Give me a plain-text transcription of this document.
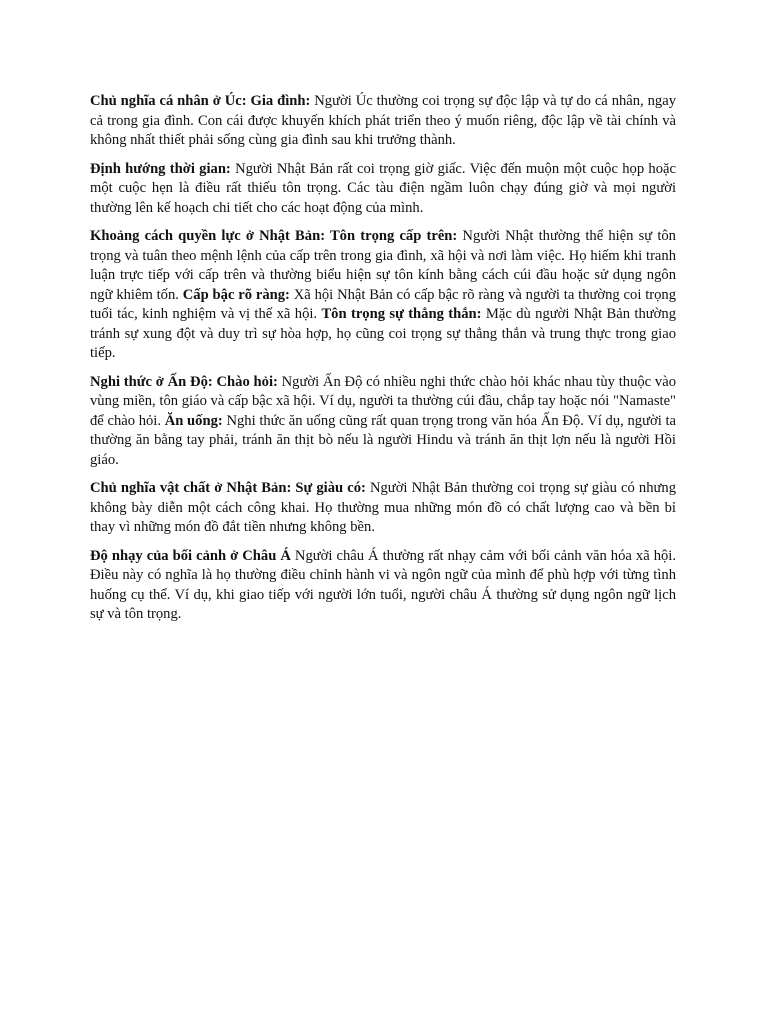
Chủ nghĩa cá nhân ở Úc: Gia đình: Người Úc thường coi trọng sự độc lập và tự do cá nhân, ngay cả trong gia đình. Con cái được khuyến khích phát triển theo ý muốn riêng, độc lập về tài chính và không nhất thiết phải sống cùng gia đình sau khi trưởng thành.

Định hướng thời gian: Người Nhật Bản rất coi trọng giờ giấc. Việc đến muộn một cuộc họp hoặc một cuộc hẹn là điều rất thiếu tôn trọng. Các tàu điện ngầm luôn chạy đúng giờ và mọi người thường lên kế hoạch chi tiết cho các hoạt động của mình.

Khoảng cách quyền lực ở Nhật Bản: Tôn trọng cấp trên: Người Nhật thường thể hiện sự tôn trọng và tuân theo mệnh lệnh của cấp trên trong gia đình, xã hội và nơi làm việc. Họ hiếm khi tranh luận trực tiếp với cấp trên và thường biểu hiện sự tôn kính bằng cách cúi đầu hoặc sử dụng ngôn ngữ khiêm tốn. Cấp bậc rõ ràng: Xã hội Nhật Bản có cấp bậc rõ ràng và người ta thường coi trọng tuổi tác, kinh nghiệm và vị thế xã hội. Tôn trọng sự thẳng thắn: Mặc dù người Nhật Bản thường tránh sự xung đột và duy trì sự hòa hợp, họ cũng coi trọng sự thẳng thắn và trung thực trong giao tiếp.

Nghi thức ở Ấn Độ: Chào hỏi: Người Ấn Độ có nhiều nghi thức chào hỏi khác nhau tùy thuộc vào vùng miền, tôn giáo và cấp bậc xã hội. Ví dụ, người ta thường cúi đầu, chắp tay hoặc nói "Namaste" để chào hỏi. Ăn uống: Nghi thức ăn uống cũng rất quan trọng trong văn hóa Ấn Độ. Ví dụ, người ta thường ăn bằng tay phải, tránh ăn thịt bò nếu là người Hindu và tránh ăn thịt lợn nếu là người Hồi giáo.

Chủ nghĩa vật chất ở Nhật Bản: Sự giàu có: Người Nhật Bản thường coi trọng sự giàu có nhưng không bày diễn một cách công khai. Họ thường mua những món đồ có chất lượng cao và bền bỉ thay vì những món đồ đắt tiền nhưng không bền.

Độ nhạy của bối cảnh ở Châu Á Người châu Á thường rất nhạy cảm với bối cảnh văn hóa xã hội. Điều này có nghĩa là họ thường điều chỉnh hành vi và ngôn ngữ của mình để phù hợp với từng tình huống cụ thể. Ví dụ, khi giao tiếp với người lớn tuổi, người châu Á thường sử dụng ngôn ngữ lịch sự và tôn trọng.
